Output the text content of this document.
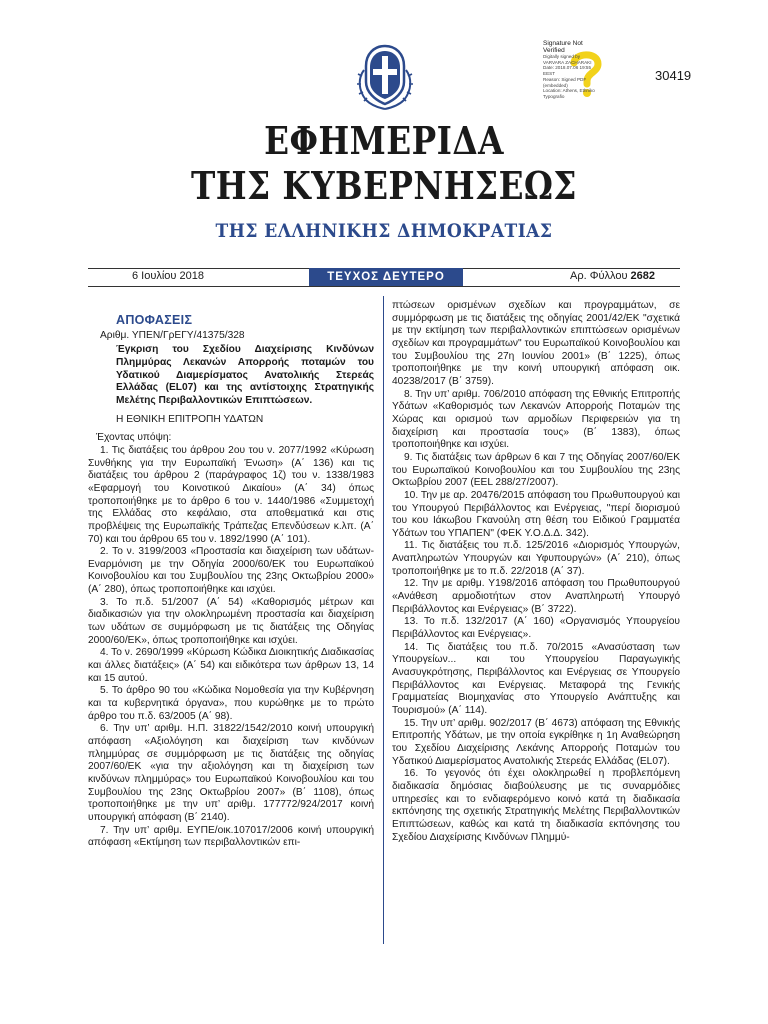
Signature Not
Verified
Digitally signed by
VARVARA ZACHARAKI
Date: 2018.07.06 19:55
EEST
Reason: Signed PDF
(embedded)
Location: Athens, Ethniko
Typografio
30419
ΕΦΗΜΕΡΙΔΑ
ΤΗΣ ΚΥΒΕΡΝΗΣΕΩΣ
ΤΗΣ ΕΛΛΗΝΙΚΗΣ ΔΗΜΟΚΡΑΤΙΑΣ
6 Ιουλίου 2018	ΤΕΥΧΟΣ ΔΕΥΤΕΡΟ	Αρ. Φύλλου 2682
ΑΠΟΦΑΣΕΙΣ

Αριθμ. ΥΠΕΝ/ΓρΕΓΥ/41375/328

Έγκριση του Σχεδίου Διαχείρισης Κινδύνων Πλημμύρας Λεκανών Απορροής ποταμών του Υδατικού Διαμερίσματος Ανατολικής Στερεάς Ελλάδας (EL07) και της αντίστοιχης Στρατηγικής Μελέτης Περιβαλλοντικών Επιπτώσεων.

Η ΕΘΝΙΚΗ ΕΠΙΤΡΟΠΗ ΥΔΑΤΩΝ

Έχοντας υπόψη:

1. Τις διατάξεις του άρθρου 2ου του ν. 2077/1992 «Κύρωση Συνθήκης για την Ευρωπαϊκή Ένωση» (Α΄ 136) και τις διατάξεις του άρθρου 2 (παράγραφος 1ζ) του ν. 1338/1983 «Εφαρμογή του Κοινοτικού Δικαίου» (Α΄ 34) όπως τροποποιήθηκε με το άρθρο 6 του ν. 1440/1986 «Συμμετοχή της Ελλάδας στο κεφάλαιο, στα αποθεματικά και στις προβλέψεις της Ευρωπαϊκής Τράπεζας Επενδύσεων κ.λπ. (Α΄ 70) και του άρθρου 65 του ν. 1892/1990 (Α΄ 101).

2. Το ν. 3199/2003 «Προστασία και διαχείριση των υδάτων-Εναρμόνιση με την Οδηγία 2000/60/ΕΚ του Ευρωπαϊκού Κοινοβουλίου και του Συμβουλίου της 23ης Οκτωβρίου 2000» (Α΄ 280), όπως τροποποιήθηκε και ισχύει.

3. Το π.δ. 51/2007 (Α΄ 54) «Καθορισμός μέτρων και διαδικασιών για την ολοκληρωμένη προστασία και διαχείριση των υδάτων σε συμμόρφωση με τις διατάξεις της Οδηγίας 2000/60/ΕΚ», όπως τροποποιήθηκε και ισχύει.

4. Το ν. 2690/1999 «Κύρωση Κώδικα Διοικητικής Διαδικασίας και άλλες διατάξεις» (Α΄ 54) και ειδικότερα των άρθρων 13, 14 και 15 αυτού.

5. Το άρθρο 90 του «Κώδικα Νομοθεσία για την Κυβέρνηση και τα κυβερνητικά όργανα», που κυρώθηκε με το πρώτο άρθρο του π.δ. 63/2005 (Α΄ 98).

6. Την υπ’ αριθμ. Η.Π. 31822/1542/2010 κοινή υπουργική απόφαση «Αξιολόγηση και διαχείριση των κινδύνων πλημμύρας σε συμμόρφωση με τις διατάξεις της οδηγίας 2007/60/ΕΚ «για την αξιολόγηση και τη διαχείριση των κινδύνων πλημμύρας» του Ευρωπαϊκού Κοινοβουλίου και του Συμβουλίου της 23ης Οκτωβρίου 2007» (Β΄ 1108), όπως τροποποιήθηκε με την υπ’ αριθμ. 177772/924/2017 κοινή υπουργική απόφαση (Β΄ 2140).

7. Την υπ’ αριθμ. ΕΥΠΕ/οικ.107017/2006 κοινή υπουργική απόφαση «Εκτίμηση των περιβαλλοντικών επι-

πτώσεων ορισμένων σχεδίων και προγραμμάτων, σε συμμόρφωση με τις διατάξεις της οδηγίας 2001/42/ΕΚ "σχετικά με την εκτίμηση των περιβαλλοντικών επιπτώσεων ορισμένων σχεδίων και προγραμμάτων" του Ευρωπαϊκού Κοινοβουλίου και του Συμβουλίου της 27η Ιουνίου 2001» (Β΄ 1225), όπως τροποποιήθηκε με την κοινή υπουργική απόφαση οικ. 40238/2017 (Β΄ 3759).

8. Την υπ’ αριθμ. 706/2010 απόφαση της Εθνικής Επιτροπής Υδάτων «Καθορισμός των Λεκανών Απορροής Ποταμών της Χώρας και ορισμού των αρμοδίων Περιφερειών για τη διαχείριση και προστασία τους» (Β΄ 1383), όπως τροποποιήθηκε και ισχύει.

9. Τις διατάξεις των άρθρων 6 και 7 της Οδηγίας 2007/60/ΕΚ του Ευρωπαϊκού Κοινοβουλίου και του Συμβουλίου της 23ης Οκτωβρίου 2007 (EEL 288/27/2007).

10. Την με αρ. 20476/2015 απόφαση του Πρωθυπουργού και του Υπουργού Περιβάλλοντος και Ενέργειας, "περί διορισμού του κου Ιάκωβου Γκανούλη στη θέση του Ειδικού Γραμματέα Υδάτων του ΥΠΑΠΕΝ" (ΦΕΚ Υ.Ο.Δ.Δ. 342).

11. Τις διατάξεις του π.δ. 125/2016 «Διορισμός Υπουργών, Αναπληρωτών Υπουργών και Υφυπουργών» (Α΄ 210), όπως τροποποιήθηκε με το π.δ. 22/2018 (Α΄ 37).

12. Την με αριθμ. Υ198/2016 απόφαση του Πρωθυπουργού «Ανάθεση αρμοδιοτήτων στον Αναπληρωτή Υπουργό Περιβάλλοντος και Ενέργειας» (Β΄ 3722).

13. Το π.δ. 132/2017 (Α΄ 160) «Οργανισμός Υπουργείου Περιβάλλοντος και Ενέργειας».

14. Τις διατάξεις του π.δ. 70/2015 «Ανασύσταση των Υπουργείων... και του Υπουργείου Παραγωγικής Ανασυγκρότησης, Περιβάλλοντος και Ενέργειας σε Υπουργείο Περιβάλλοντος και Ενέργειας. Μεταφορά της Γενικής Γραμματείας Βιομηχανίας στο Υπουργείο Ανάπτυξης και Τουρισμού» (Α΄ 114).

15. Την υπ’ αριθμ. 902/2017 (Β΄ 4673) απόφαση της Εθνικής Επιτροπής Υδάτων, με την οποία εγκρίθηκε η 1η Αναθεώρηση του Σχεδίου Διαχείρισης Λεκάνης Απορροής Ποταμών του Υδατικού Διαμερίσματος Ανατολικής Στερεάς Ελλάδας (EL07).

16. Το γεγονός ότι έχει ολοκληρωθεί η προβλεπόμενη διαδικασία δημόσιας διαβούλευσης με τις συναρμόδιες υπηρεσίες και το ενδιαφερόμενο κοινό κατά τη διαδικασία εκπόνησης της σχετικής Στρατηγικής Μελέτης Περιβαλλοντικών Επιπτώσεων, καθώς και κατά τη διαδικασία εκπόνησης του Σχεδίου Διαχείρισης Κινδύνων Πλημμύ-
